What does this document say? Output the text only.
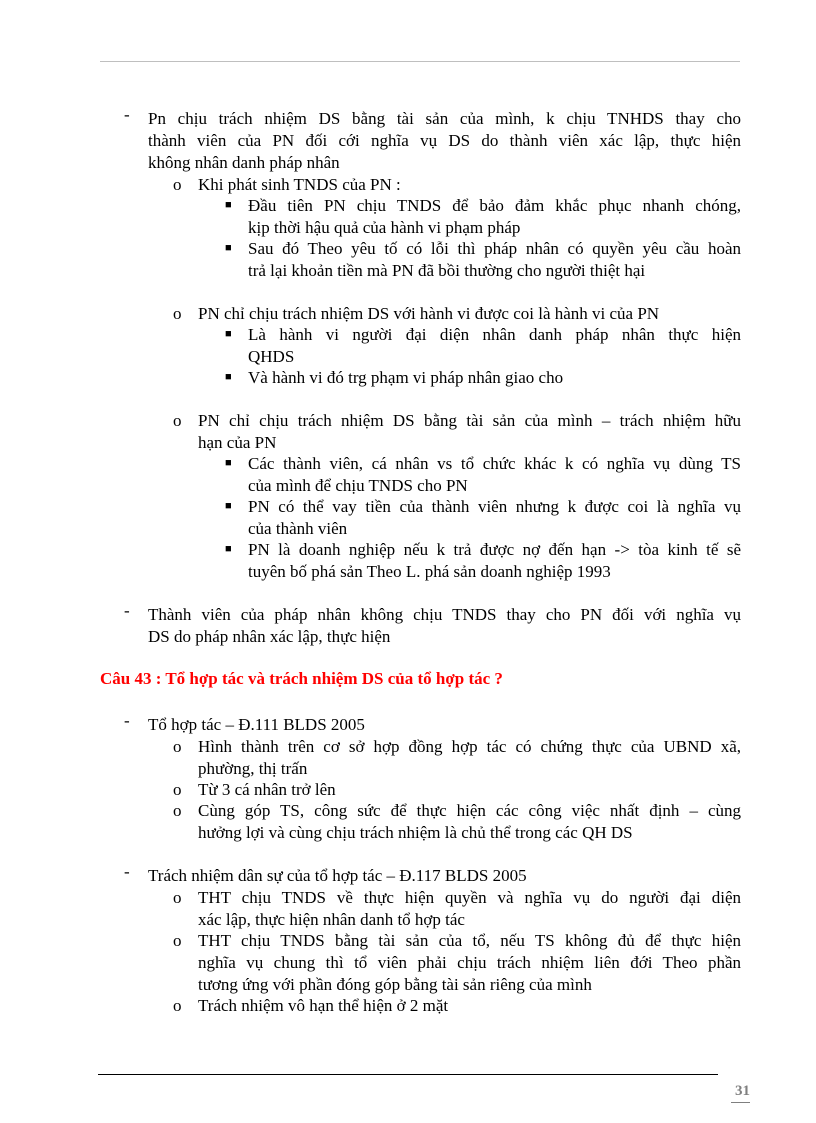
- Pn chịu trách nhiệm DS bằng tài sản của mình, k chịu TNHDS thay cho
thành viên của PN đối cới nghĩa vụ DS do thành viên xác lập, thực hiện
không nhân danh pháp nhân
o Khi phát sinh TNDS của PN :
■ Đầu tiên PN chịu TNDS để bảo đảm khắc phục nhanh chóng,
kịp thời hậu quả của hành vi phạm pháp
■ Sau đó Theo yêu tố có lỗi thì pháp nhân có quyền yêu cầu hoàn
trả lại khoản tiền mà PN đã bồi thường cho người thiệt hại
o PN chỉ chịu trách nhiệm DS với hành vi được coi là hành vi của PN
■ Là hành vi người đại diện nhân danh pháp nhân thực hiện
QHDS
■ Và hành vi đó trg phạm vi pháp nhân giao cho
o PN chỉ chịu trách nhiệm DS bằng tài sản của mình – trách nhiệm hữu
hạn của PN
■ Các thành viên, cá nhân vs tổ chức khác k có nghĩa vụ dùng TS
của mình để chịu TNDS cho PN
■ PN có thể vay tiền của thành viên nhưng k được coi là nghĩa vụ
của thành viên
■ PN là doanh nghiệp nếu k trả được nợ đến hạn -> tòa kinh tế sẽ
tuyên bố phá sản Theo L. phá sản doanh nghiệp 1993
- Thành viên của pháp nhân không chịu TNDS thay cho PN đối với nghĩa vụ
DS do pháp nhân xác lập, thực hiện
Câu 43 : Tổ hợp tác và trách nhiệm DS của tổ hợp tác ?
- Tổ hợp tác – Đ.111 BLDS 2005
o Hình thành trên cơ sở hợp đồng hợp tác có chứng thực của UBND xã,
phường, thị trấn
o Từ 3 cá nhân trở lên
o Cùng góp TS, công sức để thực hiện các công việc nhất định – cùng
hưởng lợi và cùng chịu trách nhiệm là chủ thể trong các QH DS
- Trách nhiệm dân sự của tổ hợp tác – Đ.117 BLDS 2005
o THT chịu TNDS về thực hiện quyền và nghĩa vụ do người đại diện
xác lập, thực hiện nhân danh tổ hợp tác
o THT chịu TNDS bằng tài sản của tổ, nếu TS không đủ để thực hiện
nghĩa vụ chung thì tổ viên phải chịu trách nhiệm liên đới Theo phần
tương ứng với phần đóng góp bằng tài sản riêng của mình
o Trách nhiệm vô hạn thể hiện ở 2 mặt
31
